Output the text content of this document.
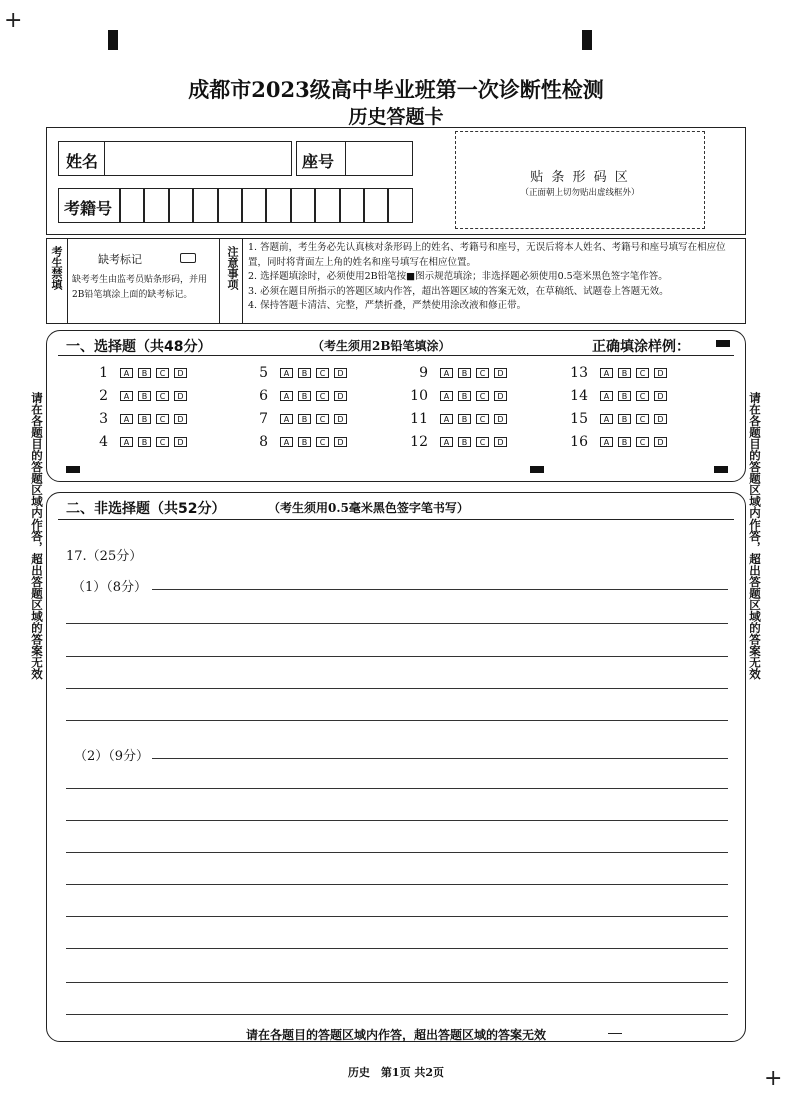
+
+
成都市2023级高中毕业班第一次诊断性检测
历史答题卡
姓名	座号
考籍号
贴 条 形 码 区
（正面朝上切勿贴出虚线框外）
考生禁填	缺考标记
缺考考生由监考员贴条形码，并用2B铅笔填涂上面的缺考标记。
注意事项 1. 答题前，考生务必先认真核对条形码上的姓名、考籍号和座号，无误后将本人姓名、考籍号和座号填写在相应位置，同时将背面左上角的姓名和座号填写在相应位置。
2. 选择题填涂时，必须使用2B铅笔按■图示规范填涂；非选择题必须使用0.5毫米黑色签字笔作答。
3. 必须在题目所指示的答题区域内作答，超出答题区域的答案无效，在草稿纸、试题卷上答题无效。
4. 保持答题卡清洁、完整，严禁折叠，严禁使用涂改液和修正带。
一、选择题（共48分）	（考生须用2B铅笔填涂）	正确填涂样例：
1	A	B	C	D
2	A	B	C	D
3	A	B	C	D
4	A	B	C	D
5	A	B	C	D
6	A	B	C	D
7	A	B	C	D
8	A	B	C	D
9	A	B	C	D
10	A	B	C	D
11	A	B	C	D
12	A	B	C	D
13	A	B	C	D
14	A	B	C	D
15	A	B	C	D
16	A	B	C	D
二、非选择题（共52分）	（考生须用0.5毫米黑色签字笔书写）
17.（25分）
（1）（8分）
（2）（9分）
请在各题目的答题区域内作答，超出答题区域的答案无效	请在各题目的答题区域内作答，超出答题区域的答案无效
请在各题目的答题区域内作答，超出答题区域的答案无效
历史　第1页 共2页
